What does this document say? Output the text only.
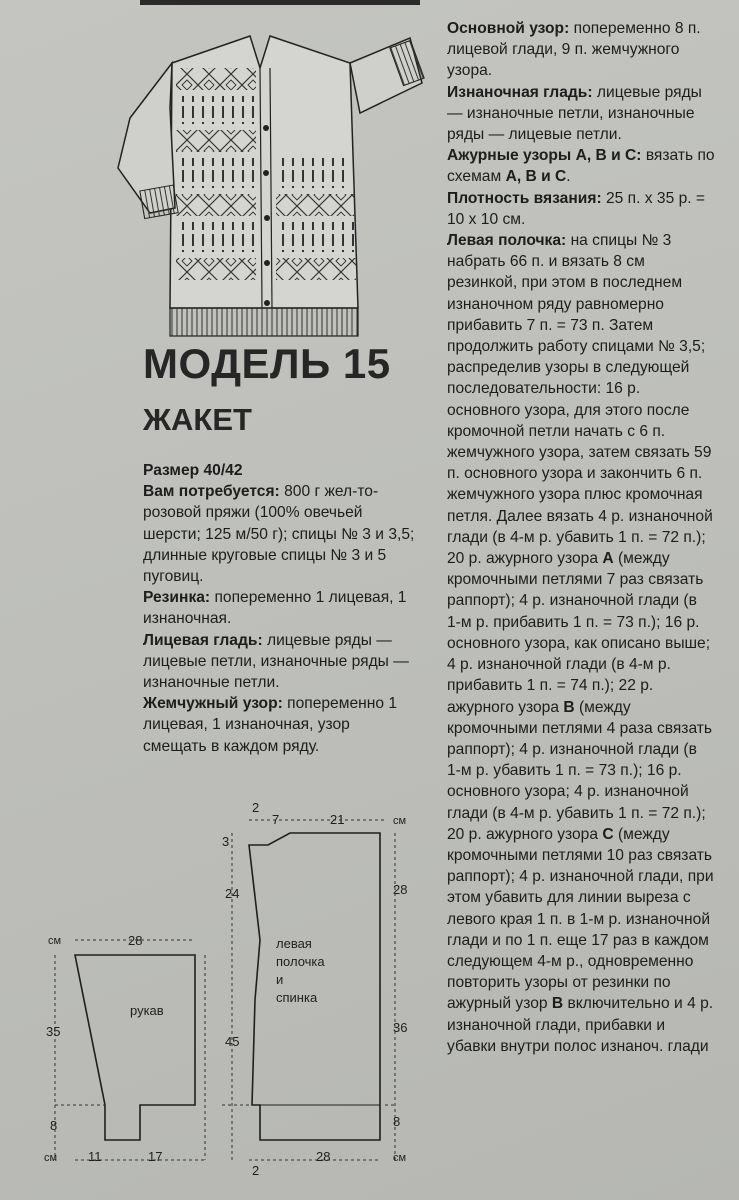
МОДЕЛЬ 15
ЖАКЕТ

Размер 40/42

Вам потребуется: 800 г жел-то-розовой пряжи (100% овечьей шерсти; 125 м/50 г); спицы № 3 и 3,5; длинные круговые спицы № 3 и 5 пуговиц.

Резинка: попеременно 1 лицевая, 1 изнаночная.

Лицевая гладь: лицевые ряды — лицевые петли, изнаночные ряды — изнаночные петли.

Жемчужный узор: попеременно 1 лицевая, 1 изнаночная, узор смещать в каждом ряду.

Основной узор: попеременно 8 п. лицевой глади, 9 п. жемчужного узора.

Изнаночная гладь: лицевые ряды — изнаночные петли, изнаночные ряды — лицевые петли.

Ажурные узоры А, В и С: вязать по схемам А, В и С.

Плотность вязания: 25 п. х 35 р. = 10 х 10 см.

Левая полочка: на спицы № 3 набрать 66 п. и вязать 8 см резинкой, при этом в последнем изнаночном ряду равномерно прибавить 7 п. = 73 п. Затем продолжить работу спицами № 3,5; распределив узоры в следующей последовательности: 16 р. основного узора, для этого после кромочной петли начать с 6 п. жемчужного узора, затем связать 59 п. основного узора и закончить 6 п. жемчужного узора плюс кромочная петля. Далее вязать 4 р. изнаночной глади (в 4-м р. убавить 1 п. = 72 п.); 20 р. ажурного узора А (между кромочными петлями 7 раз связать раппорт); 4 р. изнаночной глади (в 1-м р. прибавить 1 п. = 73 п.); 16 р. основного узора, как описано выше; 4 р. изнаночной глади (в 4-м р. прибавить 1 п. = 74 п.); 22 р. ажурного узора В (между кромочными петлями 4 раза связать раппорт); 4 р. изнаночной глади (в 1-м р. убавить 1 п. = 73 п.); 16 р. основного узора; 4 р. изнаночной глади (в 4-м р. убавить 1 п. = 72 п.); 20 р. ажурного узора С (между кромочными петлями 10 раз связать раппорт); 4 р. изнаночной глади, при этом убавить для линии выреза с левого края 1 п. в 1-м р. изнаночной глади и по 1 п. еще 17 раз в каждом следующем 4-м р., одновременно повторить узоры от резинки по ажурный узор В включительно и 4 р. изнаночной глади, прибавки и убавки внутри полос изнаноч. глади

рукав
28
см
35
8
см 11	17
левая
полочка
и
спинка
2
7	21	см
3
24
45
28
36
8
28
2
см
